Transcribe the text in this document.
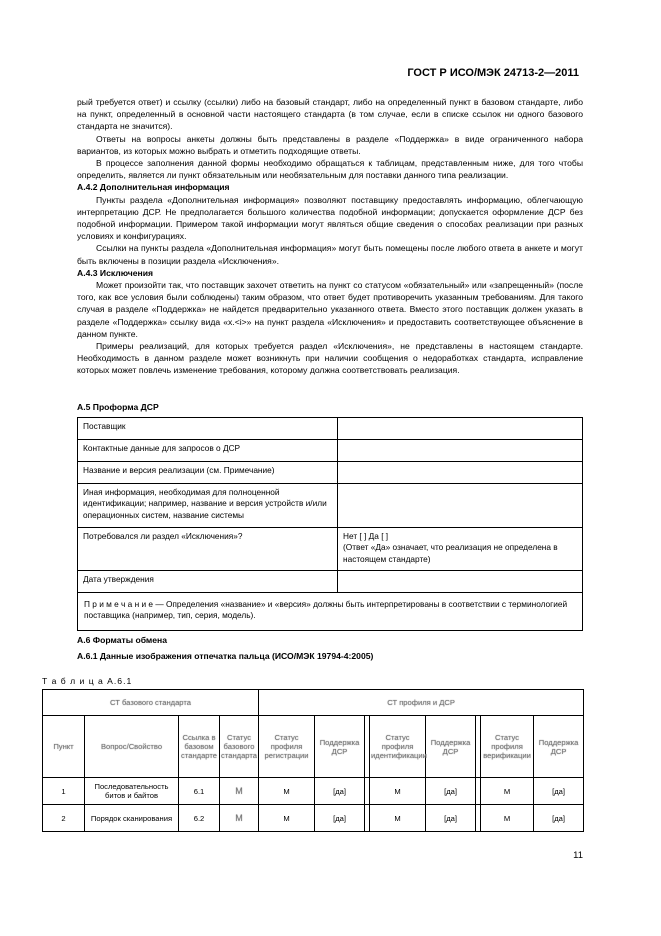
ГОСТ Р ИСО/МЭК 24713-2—2011

рый требуется ответ) и ссылку (ссылки) либо на базовый стандарт, либо на определенный пункт в базовом стандарте, либо на пункт, определенный в основной части настоящего стандарта (в том случае, если в списке ссылок ни одного базового стандарта не значится).

Ответы на вопросы анкеты должны быть представлены в разделе «Поддержка» в виде ограниченного набора вариантов, из которых можно выбрать и отметить подходящие ответы.

В процессе заполнения данной формы необходимо обращаться к таблицам, представленным ниже, для того чтобы определить, является ли пункт обязательным или необязательным для поставки данного типа реализации.

А.4.2 Дополнительная информация

Пункты раздела «Дополнительная информация» позволяют поставщику предоставлять информацию, облегчающую интерпретацию ДСР. Не предполагается большого количества подобной информации; допускается оформление ДСР без подобной информации. Примером такой информации могут являться общие сведения о способах реализации при разных условиях и конфигурациях.

Ссылки на пункты раздела «Дополнительная информация» могут быть помещены после любого ответа в анкете и могут быть включены в позиции раздела «Исключения».

А.4.3 Исключения

Может произойти так, что поставщик захочет ответить на пункт со статусом «обязательный» или «запрещенный» (после того, как все условия были соблюдены) таким образом, что ответ будет противоречить указанным требованиям. Для такого случая в разделе «Поддержка» не найдется предварительно указанного ответа. Вместо этого поставщик должен указать в разделе «Поддержка» ссылку вида «x.<i>» на пункт раздела «Исключения» и предоставить соответствующее объяснение в данном пункте.

Примеры реализаций, для которых требуется раздел «Исключения», не представлены в настоящем стандарте. Необходимость в данном разделе может возникнуть при наличии сообщения о недоработках стандарта, исправление которых может повлечь изменение требования, которому должна соответствовать реализация.

А.5 Проформа ДСР
Поставщик	
Контактные данные для запросов о ДСР	
Название и версия реализации (см. Примечание)	
Иная информация, необходимая для полноценной идентификации; например, название и версия устройств и/или операционных систем, название системы	
Потребовался ли раздел «Исключения»?	Нет [ ] Да [ ]
(Ответ «Да» означает, что реализация не определена в настоящем стандарте)
Дата утверждения	
П р и м е ч а н и е — Определения «название» и «версия» должны быть интерпретированы в соответствии с терминологией поставщика (например, тип, серия, модель).	
А.6 Форматы обмена
А.6.1 Данные изображения отпечатка пальца (ИСО/МЭК 19794-4:2005)
Т а б л и ц а А.6.1
СТ базового стандарта				СТ профиля и ДСР							
Пункт	Вопрос/Свойство	Ссылка в базовом стандарте	Статус базового стандарта	Статус профиля регистрации	Поддержка ДСР		Статус профиля идентификации	Поддержка ДСР		Статус профиля верификации	Поддержка ДСР
1	Последовательность битов и байтов	6.1	M	M	[да]		M	[да]		M	[да]
2	Порядок сканирования	6.2	M	M	[да]		M	[да]		M	[да]
11
